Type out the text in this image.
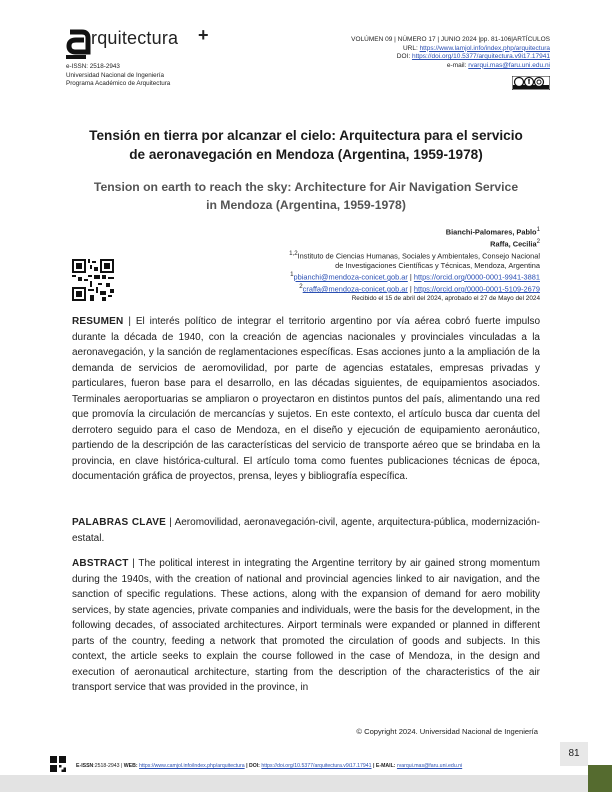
rquitectura +
e-ISSN: 2518-2943
Universidad Nacional de Ingeniería
Programa Académico de Arquitectura
VOLÚMEN 09 | NÚMERO 17 | JUNIO 2024 |pp. 81-106|ARTÍCULOS
URL: https://www.lamjol.info/index.php/arquitectura
DOI: https://doi.org/10.5377/arquitectura.v9i17.17941
e-mail: rvarqui.mas@faru.uni.edu.ni
Tensión en tierra por alcanzar el cielo: Arquitectura para el servicio
de aeronavegación en Mendoza (Argentina, 1959-1978)
Tension on earth to reach the sky: Architecture for Air Navigation Service
in Mendoza (Argentina, 1959-1978)
Bianchi-Palomares, Pablo$^1$
Raffa, Cecilia$^2$
$^{1,2}$Instituto de Ciencias Humanas, Sociales y Ambientales, Consejo Nacional
de Investigaciones Científicas y Técnicas, Mendoza, Argentina
$^1$pbianchi@mendoza-conicet.gob.ar | https://orcid.org/0000-0001-9941-3881
$^2$craffa@mendoza-conicet.gob.ar | https://orcid.org/0000-0001-5109-2679
Recibido el 15 de abril del 2024, aprobado el 27 de Mayo del 2024
RESUMEN | El interés político de integrar el territorio argentino por vía aérea cobró fuerte impulso durante la década de 1940, con la creación de agencias nacionales y provinciales vinculadas a la aeronavegación, y la sanción de reglamentaciones específicas. Esas acciones junto a la ampliación de la demanda de servicios de aeromovilidad, por parte de agencias estatales, empresas privadas y particulares, fueron base para el desarrollo, en las décadas siguientes, de equipamientos asociados. Terminales aeroportuarias se ampliaron o proyectaron en distintos puntos del país, alimentando una red que promovía la circulación de mercancías y sujetos. En este contexto, el artículo busca dar cuenta del derrotero seguido para el caso de Mendoza, en el diseño y ejecución de equipamiento aeronáutico, partiendo de la descripción de las características del servicio de transporte aéreo que se brindaba en la provincia, en clave histórica-cultural. El artículo toma como fuentes publicaciones técnicas de época, documentación gráfica de proyectos, prensa, leyes y bibliografía específica.
PALABRAS CLAVE | Aeromovilidad, aeronavegación-civil, agente, arquitectura-pública, modernización-estatal.
ABSTRACT | The political interest in integrating the Argentine territory by air gained strong momentum during the 1940s, with the creation of national and provincial agencies linked to air navigation, and the sanction of specific regulations. These actions, along with the expansion of demand for aero mobility services, by state agencies, private companies and individuals, were the basis for the development, in the following decades, of associated architectures. Airport terminals were expanded or planned in different parts of the country, feeding a network that promoted the circulation of goods and subjects. In this context, the article seeks to explain the course followed in the case of Mendoza, in the design and execution of aeronautical architecture, starting from the description of the characteristics of the air transport service that was provided in the province, in
© Copyright 2024. Universidad Nacional de Ingeniería
81
E-ISSN:2518-2943 | WEB: https://www.camjol.info/index.php/arquitectura | DOI: https://doi.org/10.5377/arquitectura.v9i17.17941 | E-MAIL: rvarqui.mas@faru.uni.edu.ni
